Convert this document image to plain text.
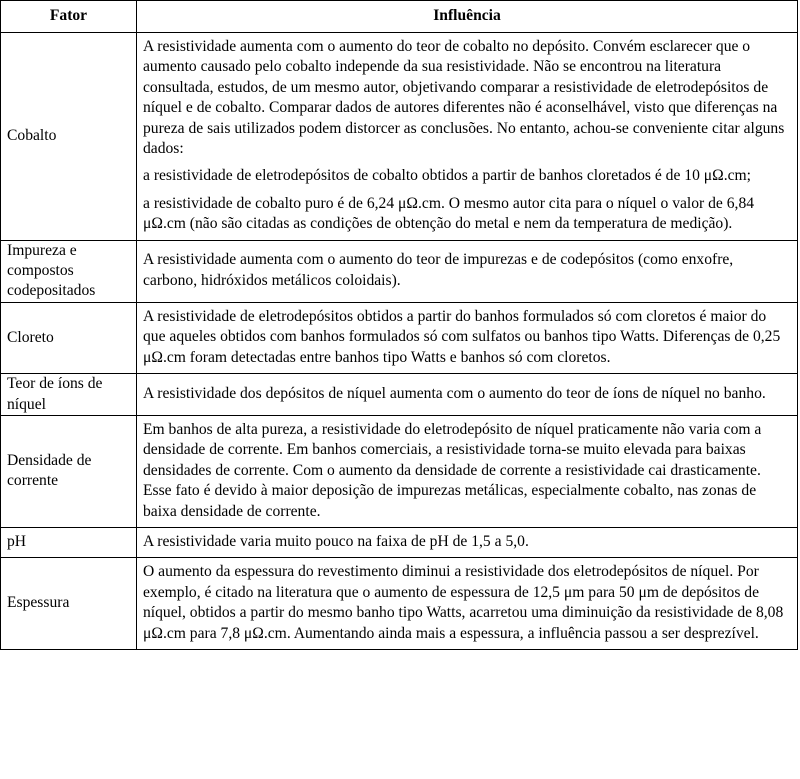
Fator	Influência
Cobalto	A resistividade aumenta com o aumento do teor de cobalto no depósito. Convém esclarecer que o aumento causado pelo cobalto independe da sua resistividade. Não se encontrou na literatura consultada, estudos, de um mesmo autor, objetivando comparar a resistividade de eletrodepósitos de níquel e de cobalto. Comparar dados de autores diferentes não é aconselhável, visto que diferenças na pureza de sais utilizados podem distorcer as conclusões. No entanto, achou-se conveniente citar alguns dados:

a resistividade de eletrodepósitos de cobalto obtidos a partir de banhos cloretados é de 10 μΩ.cm;

a resistividade de cobalto puro é de 6,24 μΩ.cm. O mesmo autor cita para o níquel o valor de 6,84 μΩ.cm (não são citadas as condições de obtenção do metal e nem da temperatura de medição).

Impureza e compostos codepositados	A resistividade aumenta com o aumento do teor de impurezas e de codepósitos (como enxofre, carbono, hidróxidos metálicos coloidais).

Cloreto	A resistividade de eletrodepósitos obtidos a partir do banhos formulados só com cloretos é maior do que aqueles obtidos com banhos formulados só com sulfatos ou banhos tipo Watts. Diferenças de 0,25 μΩ.cm foram detectadas entre banhos tipo Watts e banhos só com cloretos.

Teor de íons de níquel	A resistividade dos depósitos de níquel aumenta com o aumento do teor de íons de níquel no banho.

Densidade de corrente	Em banhos de alta pureza, a resistividade do eletrodepósito de níquel praticamente não varia com a densidade de corrente. Em banhos comerciais, a resistividade torna-se muito elevada para baixas densidades de corrente. Com o aumento da densidade de corrente a resistividade cai drasticamente. Esse fato é devido à maior deposição de impurezas metálicas, especialmente cobalto, nas zonas de baixa densidade de corrente.

pH	A resistividade varia muito pouco na faixa de pH de 1,5 a 5,0.

Espessura	O aumento da espessura do revestimento diminui a resistividade dos eletrodepósitos de níquel. Por exemplo, é citado na literatura que o aumento de espessura de 12,5 μm para 50 μm de depósitos de níquel, obtidos a partir do mesmo banho tipo Watts, acarretou uma diminuição da resistividade de 8,08 μΩ.cm para 7,8 μΩ.cm. Aumentando ainda mais a espessura, a influência passou a ser desprezível.
